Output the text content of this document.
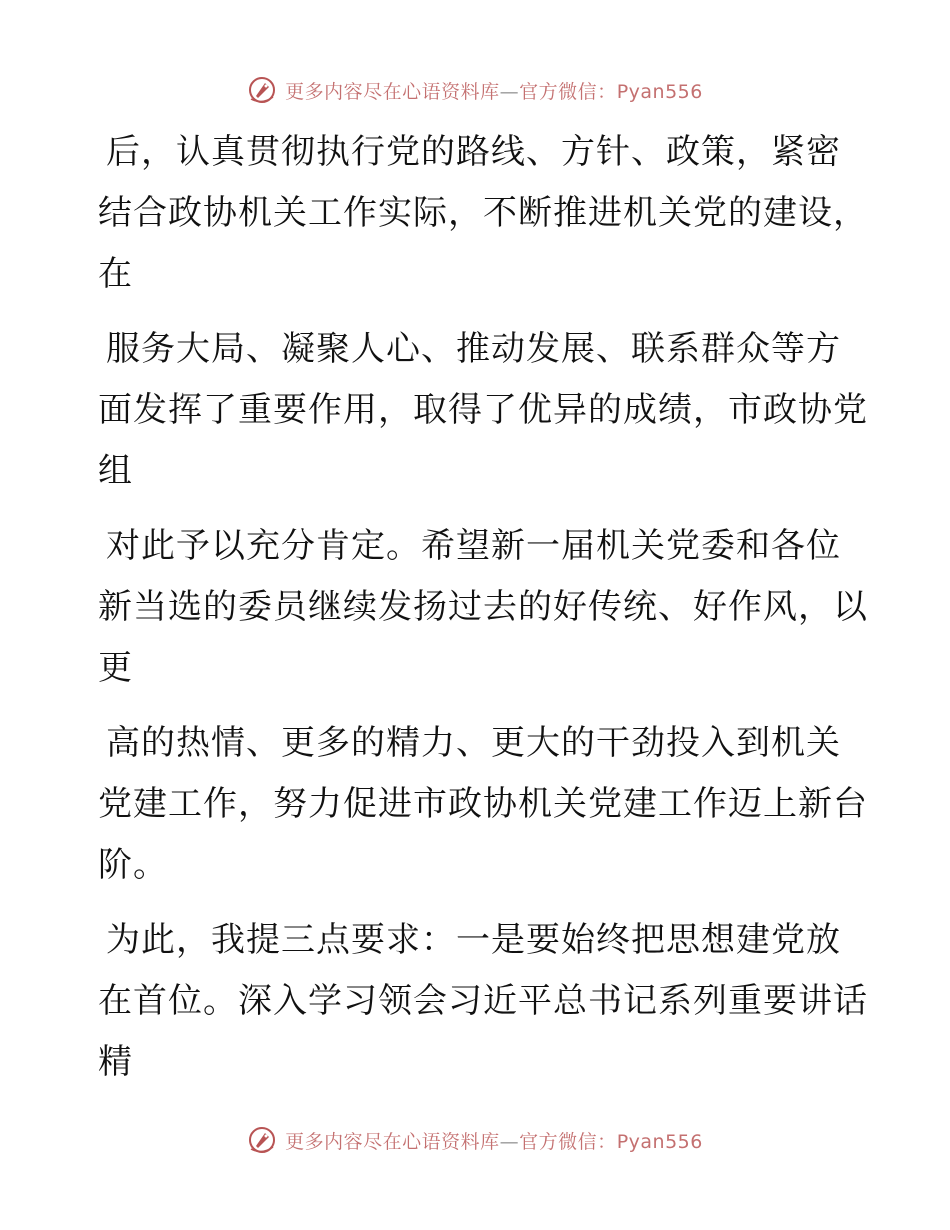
更多内容尽在心语资料库—官方微信：Pyan556
后，认真贯彻执行党的路线、方针、政策，紧密
结合政协机关工作实际，不断推进机关党的建设，
在
服务大局、凝聚人心、推动发展、联系群众等方
面发挥了重要作用，取得了优异的成绩，市政协党
组
对此予以充分肯定。希望新一届机关党委和各位
新当选的委员继续发扬过去的好传统、好作风，以
更
高的热情、更多的精力、更大的干劲投入到机关
党建工作，努力促进市政协机关党建工作迈上新台
阶。
为此，我提三点要求：一是要始终把思想建党放
在首位。深入学习领会习近平总书记系列重要讲话
精
更多内容尽在心语资料库—官方微信：Pyan556
